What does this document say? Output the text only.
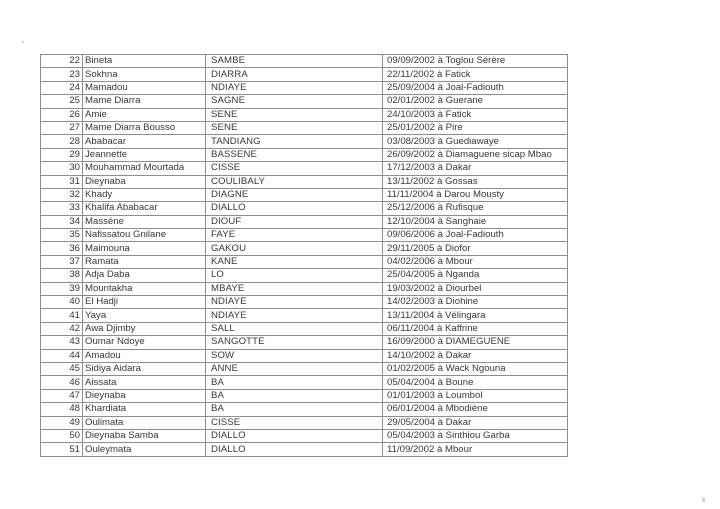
22	Bineta	SAMBE	09/09/2002 à Toglou Sérère
23	Sokhna	DIARRA	22/11/2002 à Fatick
24	Mamadou	NDIAYE	25/09/2004 à Joal-Fadiouth
25	Mame Diarra	SAGNE	02/01/2002 à Guerane
26	Amie	SENE	24/10/2003 à Fatick
27	Mame Diarra Bousso	SENE	25/01/2002 à Pire
28	Ababacar	TANDIANG	03/08/2003 à Guediawaye
29	Jeannette	BASSENE	26/09/2002 à Diamaguene sicap Mbao
30	Mouhammad Mourtada	CISSE	17/12/2003 à Dakar
31	Dieynaba	COULIBALY	13/11/2002 à Gossas
32	Khady	DIAGNE	11/11/2004 à Darou Mousty
33	Khalifa Ababacar	DIALLO	25/12/2006 à Rufisque
34	Masséne	DIOUF	12/10/2004 à Sanghaie
35	Nafissatou Gnilane	FAYE	09/06/2006 à Joal-Fadiouth
36	Maimouna	GAKOU	29/11/2005 à Diofor
37	Ramata	KANE	04/02/2006 à Mbour
38	Adja Daba	LO	25/04/2005 à Nganda
39	Mountakha	MBAYE	19/03/2002 à Diourbel
40	El Hadji	NDIAYE	14/02/2003 à Diohine
41	Yaya	NDIAYE	13/11/2004 à Vélingara
42	Awa Djimby	SALL	06/11/2004 à Kaffrine
43	Oumar Ndoye	SANGOTTE	16/09/2000 à DIAMEGUENE
44	Amadou	SOW	14/10/2002 à Dakar
45	Sidiya Aidara	ANNE	01/02/2005 à Wack Ngouna
46	Aissata	BA	05/04/2004 à Boune
47	Dieynaba	BA	01/01/2003 à Loumbol
48	Khardiata	BA	06/01/2004 à Mbodiène
49	Oulimata	CISSE	29/05/2004 à Dakar
50	Dieynaba Samba	DIALLO	05/04/2003 à Sinthiou Garba
51	Ouleymata	DIALLO	11/09/2002 à Mbour
